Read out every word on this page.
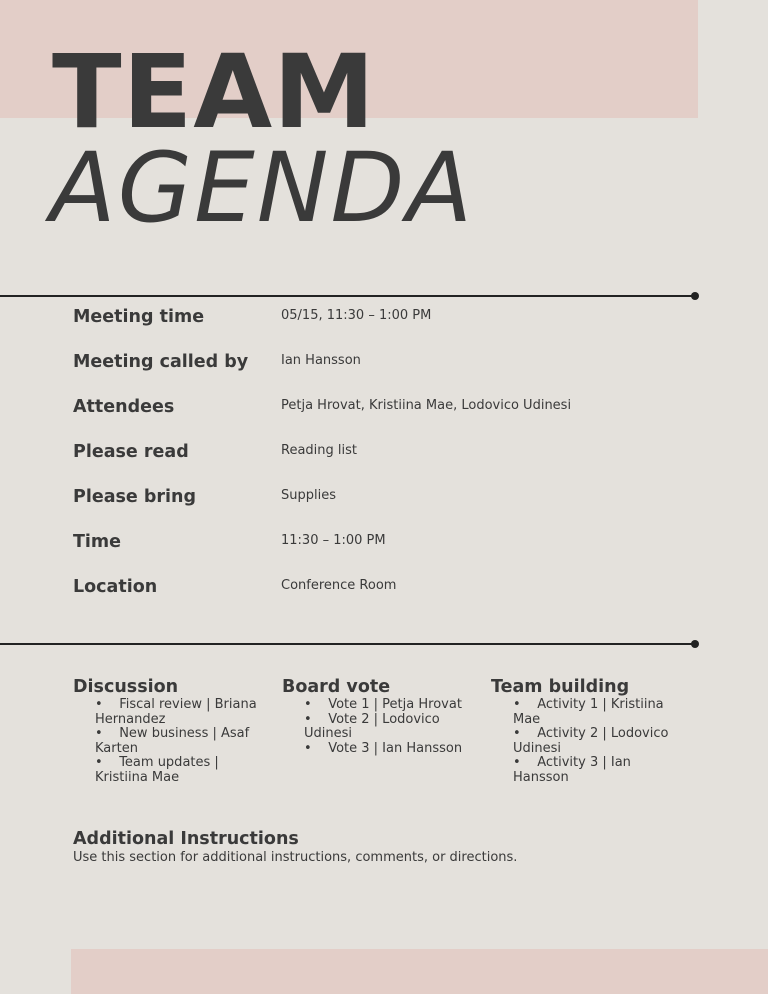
TEAM
AGENDA
Meeting time	05/15, 11:30 – 1:00 PM
Meeting called by	Ian Hansson
Attendees	Petja Hrovat, Kristiina Mae, Lodovico Udinesi
Please read	Reading list
Please bring	Supplies
Time	11:30 – 1:00 PM
Location	Conference Room
Discussion
•    Fiscal review | Briana Hernandez
•    New business | Asaf Karten
•    Team updates | Kristiina Mae
Board vote
•    Vote 1 | Petja Hrovat
•    Vote 2 | Lodovico Udinesi
•    Vote 3 | Ian Hansson
Team building
•    Activity 1 | Kristiina Mae
•    Activity 2 | Lodovico Udinesi
•    Activity 3 | Ian Hansson
Additional Instructions

Use this section for additional instructions, comments, or directions.
